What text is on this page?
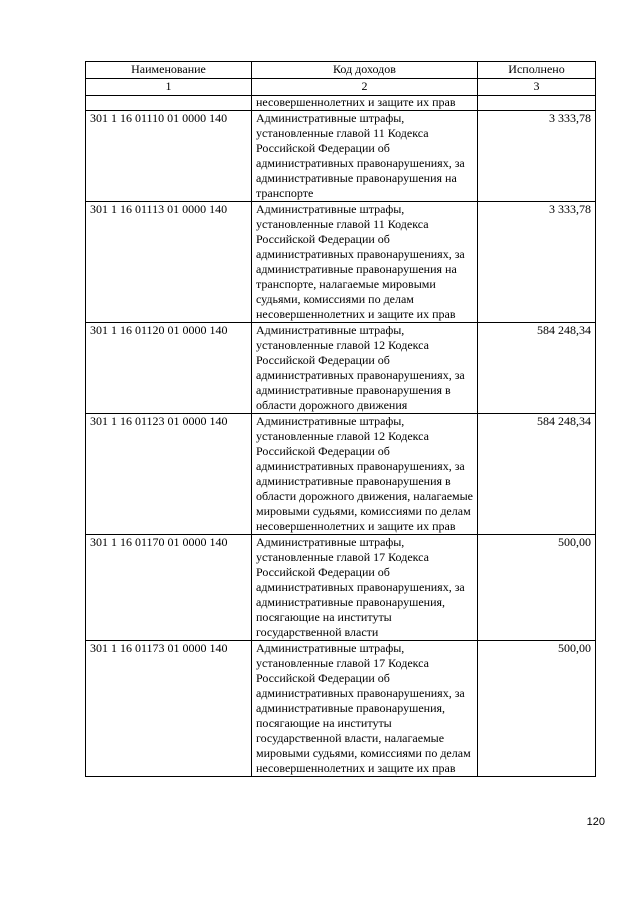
Наименование	Код доходов	Исполнено
1	2	3
	несовершеннолетних и защите их прав	
301 1 16 01110 01 0000 140	Административные штрафы, установленные главой 11 Кодекса Российской Федерации об административных правонарушениях, за административные правонарушения на транспорте	3 333,78
301 1 16 01113 01 0000 140	Административные штрафы, установленные главой 11 Кодекса Российской Федерации об административных правонарушениях, за административные правонарушения на транспорте, налагаемые мировыми судьями, комиссиями по делам несовершеннолетних и защите их прав	3 333,78
301 1 16 01120 01 0000 140	Административные штрафы, установленные главой 12 Кодекса Российской Федерации об административных правонарушениях, за административные правонарушения в области дорожного движения	584 248,34
301 1 16 01123 01 0000 140	Административные штрафы, установленные главой 12 Кодекса Российской Федерации об административных правонарушениях, за административные правонарушения в области дорожного движения, налагаемые мировыми судьями, комиссиями по делам несовершеннолетних и защите их прав	584 248,34
301 1 16 01170 01 0000 140	Административные штрафы, установленные главой 17 Кодекса Российской Федерации об административных правонарушениях, за административные правонарушения, посягающие на институты государственной власти	500,00
301 1 16 01173 01 0000 140	Административные штрафы, установленные главой 17 Кодекса Российской Федерации об административных правонарушениях, за административные правонарушения, посягающие на институты государственной власти, налагаемые мировыми судьями, комиссиями по делам несовершеннолетних и защите их прав	500,00
120
